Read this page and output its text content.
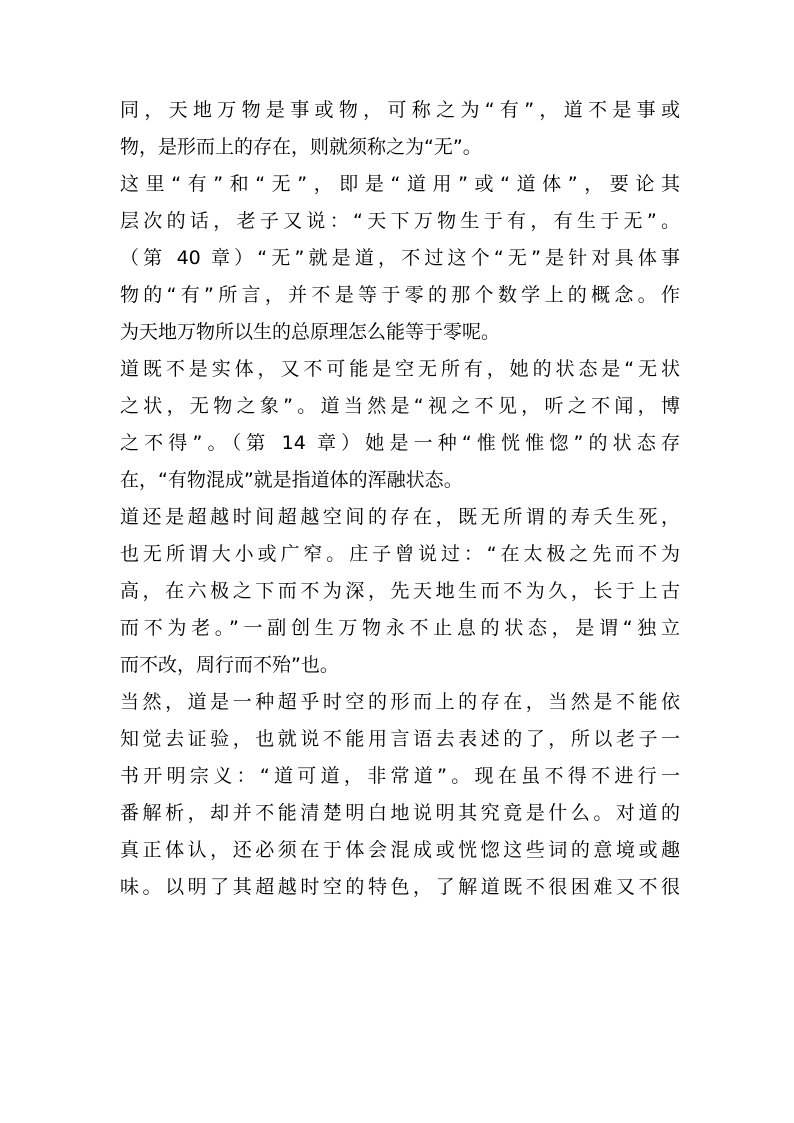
同，天地万物是事或物，可称之为“有”，道不是事或
物，是形而上的存在，则就须称之为“无”。
这里“有”和“无”，即是“道用”或“道体”，要论其
层次的话，老子又说：“天下万物生于有，有生于无”。
（第 40 章）“无”就是道，不过这个“无”是针对具体事
物的“有”所言，并不是等于零的那个数学上的概念。作
为天地万物所以生的总原理怎么能等于零呢。
道既不是实体，又不可能是空无所有，她的状态是“无状
之状，无物之象”。道当然是“视之不见，听之不闻，博
之不得”。（第 14 章）她是一种“惟恍惟惚”的状态存
在，“有物混成”就是指道体的浑融状态。
道还是超越时间超越空间的存在，既无所谓的寿夭生死，
也无所谓大小或广窄。庄子曾说过：“在太极之先而不为
高，在六极之下而不为深，先天地生而不为久，长于上古
而不为老。”一副创生万物永不止息的状态，是谓“独立
而不改，周行而不殆”也。
当然，道是一种超乎时空的形而上的存在，当然是不能依
知觉去证验，也就说不能用言语去表述的了，所以老子一
书开明宗义：“道可道，非常道”。现在虽不得不进行一
番解析，却并不能清楚明白地说明其究竟是什么。对道的
真正体认，还必须在于体会混成或恍惚这些词的意境或趣
味。以明了其超越时空的特色，了解道既不很困难又不很
